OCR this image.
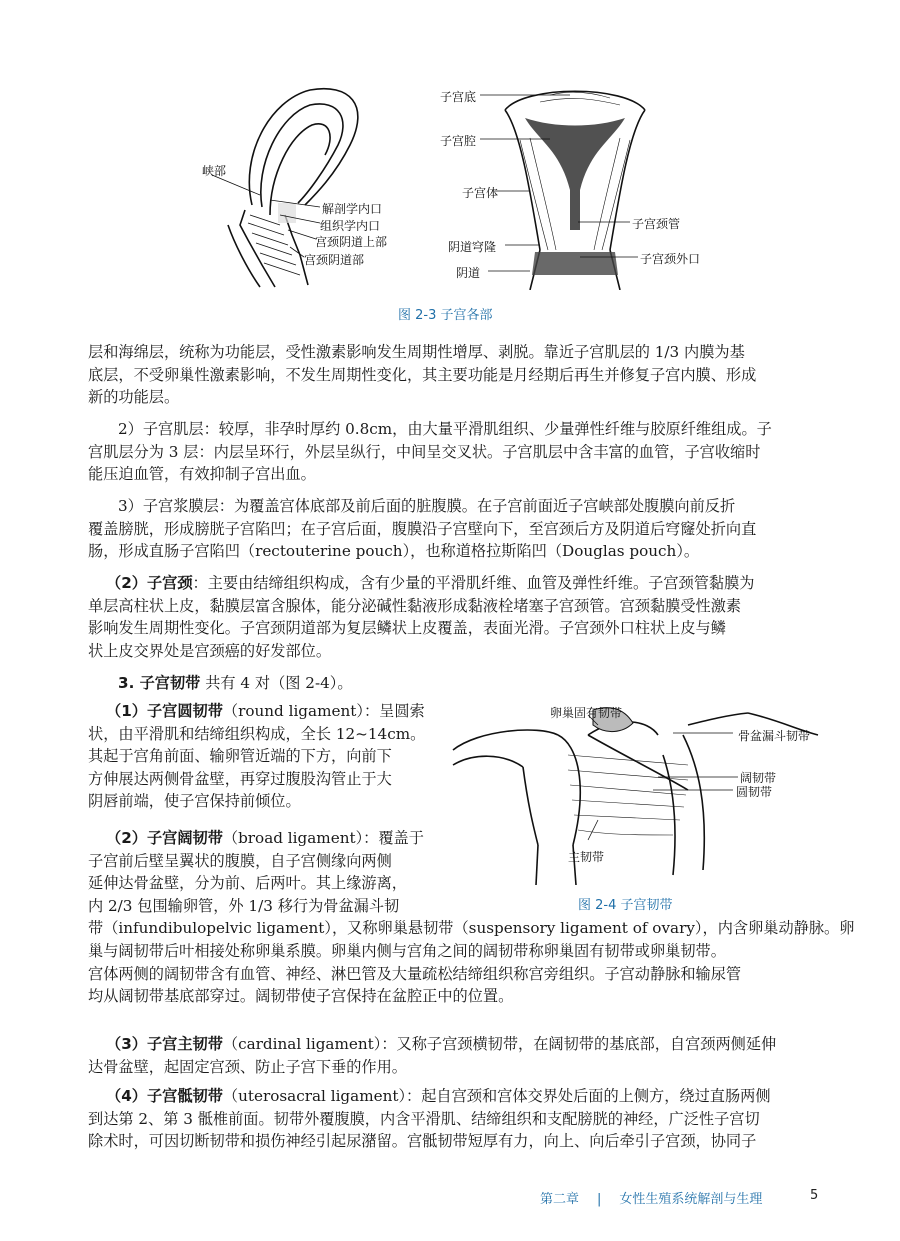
峡部
解剖学内口
组织学内口
宫颈阴道上部
宫颈阴道部
子宫底
子宫腔
子宫体
子宫颈管
阴道穹隆
子宫颈外口
阴道
图 2-3 子宫各部

层和海绵层，统称为功能层，受性激素影响发生周期性增厚、剥脱。靠近子宫肌层的 1/3 内膜为基
底层，不受卵巢性激素影响，不发生周期性变化，其主要功能是月经期后再生并修复子宫内膜、形成
新的功能层。

2）子宫肌层：较厚，非孕时厚约 0.8cm，由大量平滑肌组织、少量弹性纤维与胶原纤维组成。子
宫肌层分为 3 层：内层呈环行，外层呈纵行，中间呈交叉状。子宫肌层中含丰富的血管，子宫收缩时
能压迫血管，有效抑制子宫出血。

3）子宫浆膜层：为覆盖宫体底部及前后面的脏腹膜。在子宫前面近子宫峡部处腹膜向前反折
覆盖膀胱，形成膀胱子宫陷凹；在子宫后面，腹膜沿子宫壁向下，至宫颈后方及阴道后穹窿处折向直
肠，形成直肠子宫陷凹（rectouterine pouch），也称道格拉斯陷凹（Douglas pouch）。

（2）子宫颈：主要由结缔组织构成，含有少量的平滑肌纤维、血管及弹性纤维。子宫颈管黏膜为
单层高柱状上皮，黏膜层富含腺体，能分泌碱性黏液形成黏液栓堵塞子宫颈管。宫颈黏膜受性激素
影响发生周期性变化。子宫颈阴道部为复层鳞状上皮覆盖，表面光滑。子宫颈外口柱状上皮与鳞
状上皮交界处是宫颈癌的好发部位。

3. 子宫韧带 共有 4 对（图 2-4）。

（1）子宫圆韧带（round ligament）：呈圆索
状，由平滑肌和结缔组织构成，全长 12~14cm。
其起于宫角前面、输卵管近端的下方，向前下
方伸展达两侧骨盆壁，再穿过腹股沟管止于大
阴唇前端，使子宫保持前倾位。

（2）子宫阔韧带（broad ligament）：覆盖于
子宫前后壁呈翼状的腹膜，自子宫侧缘向两侧
延伸达骨盆壁，分为前、后两叶。其上缘游离，
内 2/3 包围输卵管，外 1/3 移行为骨盆漏斗韧
带（infundibulopelvic ligament），又称卵巢悬韧带（suspensory ligament of ovary），内含卵巢动静脉。卵
巢与阔韧带后叶相接处称卵巢系膜。卵巢内侧与宫角之间的阔韧带称卵巢固有韧带或卵巢韧带。
宫体两侧的阔韧带含有血管、神经、淋巴管及大量疏松结缔组织称宫旁组织。子宫动静脉和输尿管
均从阔韧带基底部穿过。阔韧带使子宫保持在盆腔正中的位置。

（3）子宫主韧带（cardinal ligament）：又称子宫颈横韧带，在阔韧带的基底部，自宫颈两侧延伸
达骨盆壁，起固定宫颈、防止子宫下垂的作用。

（4）子宫骶韧带（uterosacral ligament）：起自宫颈和宫体交界处后面的上侧方，绕过直肠两侧
到达第 2、第 3 骶椎前面。韧带外覆腹膜，内含平滑肌、结缔组织和支配膀胱的神经，广泛性子宫切
除术时，可因切断韧带和损伤神经引起尿潴留。宫骶韧带短厚有力，向上、向后牵引子宫颈，协同子

卵巢固有韧带
骨盆漏斗韧带
阔韧带
圆韧带
主韧带
图 2-4 子宫韧带
第二章 | 女性生殖系统解剖与生理	5
